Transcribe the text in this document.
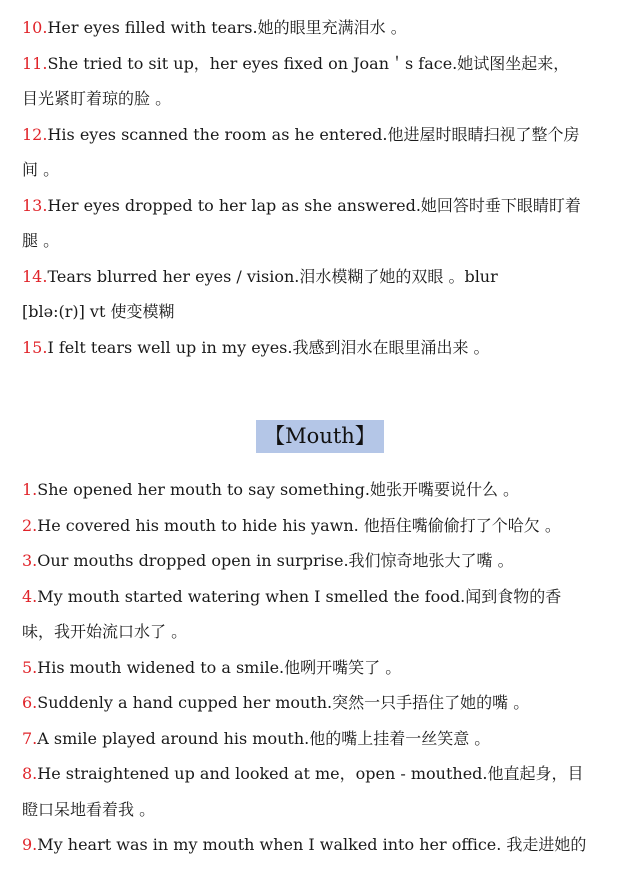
10.Her eyes filled with tears.她的眼里充满泪水 。
11.She tried to sit up，her eyes fixed on Joan＇s face.她试图坐起来，
目光紧盯着琼的脸 。
12.His eyes scanned the room as he entered.他进屋时眼睛扫视了整个房
间 。
13.Her eyes dropped to her lap as she answered.她回答时垂下眼睛盯着
腿 。
14.Tears blurred her eyes / vision.泪水模糊了她的双眼 。blur
[blə:(r)] vt 使变模糊
15.I felt tears well up in my eyes.我感到泪水在眼里涌出来 。
【Mouth】
1.She opened her mouth to say something.她张开嘴要说什么 。
2.He covered his mouth to hide his yawn. 他捂住嘴偷偷打了个哈欠 。
3.Our mouths dropped open in surprise.我们惊奇地张大了嘴 。
4.My mouth started watering when I smelled the food.闻到食物的香
味，我开始流口水了 。
5.His mouth widened to a smile.他咧开嘴笑了 。
6.Suddenly a hand cupped her mouth.突然一只手捂住了她的嘴 。
7.A smile played around his mouth.他的嘴上挂着一丝笑意 。
8.He straightened up and looked at me，open - mouthed.他直起身，目
瞪口呆地看着我 。
9.My heart was in my mouth when I walked into her office. 我走进她的
